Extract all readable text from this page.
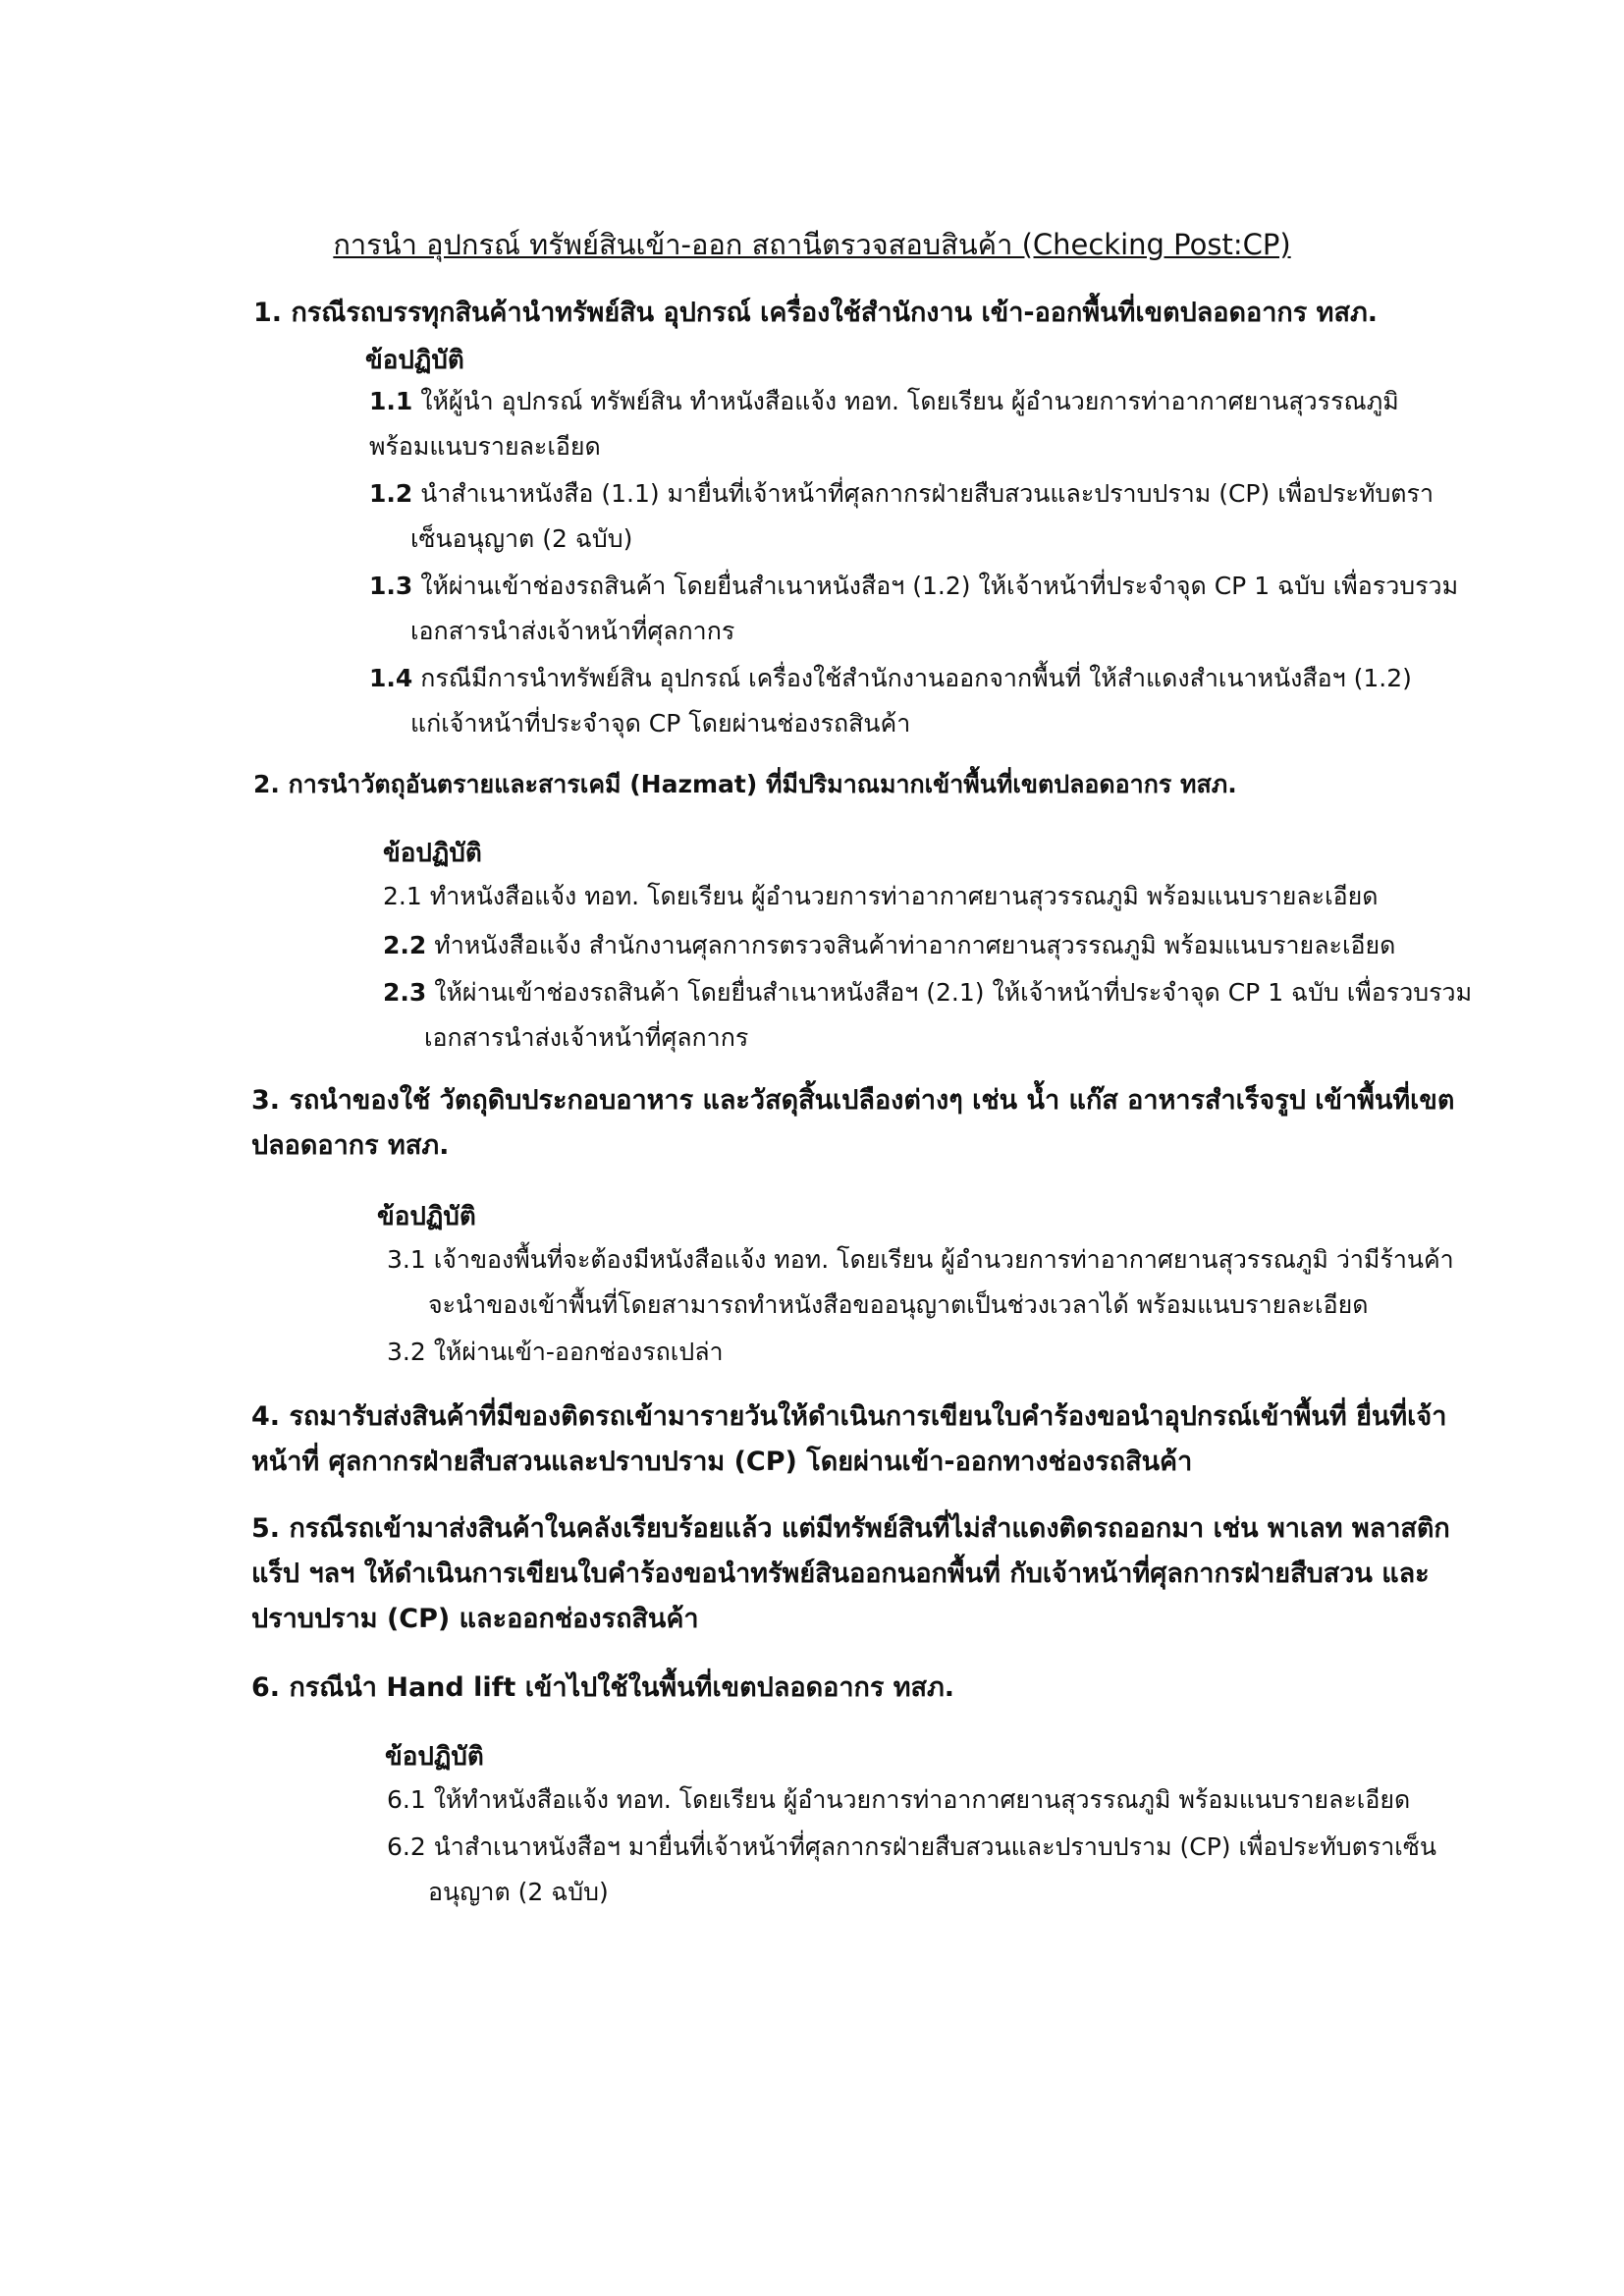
การนำ อุปกรณ์ ทรัพย์สินเข้า-ออก สถานีตรวจสอบสินค้า (Checking Post:CP)
1. กรณีรถบรรทุกสินค้านำทรัพย์สิน อุปกรณ์ เครื่องใช้สำนักงาน เข้า-ออกพื้นที่เขตปลอดอากร ทสภ.
ข้อปฏิบัติ
1.1 ให้ผู้นำ อุปกรณ์ ทรัพย์สิน ทำหนังสือแจ้ง ทอท. โดยเรียน ผู้อำนวยการท่าอากาศยานสุวรรณภูมิ
พร้อมแนบรายละเอียด
1.2 นำสำเนาหนังสือ (1.1) มายื่นที่เจ้าหน้าที่ศุลกากรฝ่ายสืบสวนและปราบปราม (CP) เพื่อประทับตรา
เซ็นอนุญาต (2 ฉบับ)
1.3 ให้ผ่านเข้าช่องรถสินค้า โดยยื่นสำเนาหนังสือฯ (1.2) ให้เจ้าหน้าที่ประจำจุด CP 1 ฉบับ เพื่อรวบรวม
เอกสารนำส่งเจ้าหน้าที่ศุลกากร
1.4 กรณีมีการนำทรัพย์สิน อุปกรณ์ เครื่องใช้สำนักงานออกจากพื้นที่ ให้สำแดงสำเนาหนังสือฯ (1.2)
แก่เจ้าหน้าที่ประจำจุด CP โดยผ่านช่องรถสินค้า
2. การนำวัตถุอันตรายและสารเคมี (Hazmat) ที่มีปริมาณมากเข้าพื้นที่เขตปลอดอากร ทสภ.
ข้อปฏิบัติ
2.1 ทำหนังสือแจ้ง ทอท. โดยเรียน ผู้อำนวยการท่าอากาศยานสุวรรณภูมิ พร้อมแนบรายละเอียด
2.2 ทำหนังสือแจ้ง สำนักงานศุลกากรตรวจสินค้าท่าอากาศยานสุวรรณภูมิ พร้อมแนบรายละเอียด
2.3 ให้ผ่านเข้าช่องรถสินค้า โดยยื่นสำเนาหนังสือฯ (2.1) ให้เจ้าหน้าที่ประจำจุด CP 1 ฉบับ เพื่อรวบรวม
เอกสารนำส่งเจ้าหน้าที่ศุลกากร
3. รถนำของใช้ วัตถุดิบประกอบอาหาร และวัสดุสิ้นเปลืองต่างๆ เช่น น้ำ แก๊ส อาหารสำเร็จรูป เข้าพื้นที่เขต ปลอดอากร ทสภ.
ข้อปฏิบัติ
3.1 เจ้าของพื้นที่จะต้องมีหนังสือแจ้ง ทอท. โดยเรียน ผู้อำนวยการท่าอากาศยานสุวรรณภูมิ ว่ามีร้านค้า
จะนำของเข้าพื้นที่โดยสามารถทำหนังสือขออนุญาตเป็นช่วงเวลาได้ พร้อมแนบรายละเอียด
3.2 ให้ผ่านเข้า-ออกช่องรถเปล่า
4. รถมารับส่งสินค้าที่มีของติดรถเข้ามารายวันให้ดำเนินการเขียนใบคำร้องขอนำอุปกรณ์เข้าพื้นที่ ยื่นที่เจ้าหน้าที่ ศุลกากรฝ่ายสืบสวนและปราบปราม (CP) โดยผ่านเข้า-ออกทางช่องรถสินค้า
5. กรณีรถเข้ามาส่งสินค้าในคลังเรียบร้อยแล้ว แต่มีทรัพย์สินที่ไม่สำแดงติดรถออกมา เช่น พาเลท พลาสติกแร็ป ฯลฯ ให้ดำเนินการเขียนใบคำร้องขอนำทรัพย์สินออกนอกพื้นที่ กับเจ้าหน้าที่ศุลกากรฝ่ายสืบสวน และปราบปราม (CP) และออกช่องรถสินค้า
6. กรณีนำ Hand lift เข้าไปใช้ในพื้นที่เขตปลอดอากร ทสภ.
ข้อปฏิบัติ
6.1 ให้ทำหนังสือแจ้ง ทอท. โดยเรียน ผู้อำนวยการท่าอากาศยานสุวรรณภูมิ พร้อมแนบรายละเอียด
6.2 นำสำเนาหนังสือฯ มายื่นที่เจ้าหน้าที่ศุลกากรฝ่ายสืบสวนและปราบปราม (CP) เพื่อประทับตราเซ็น
อนุญาต (2 ฉบับ)
